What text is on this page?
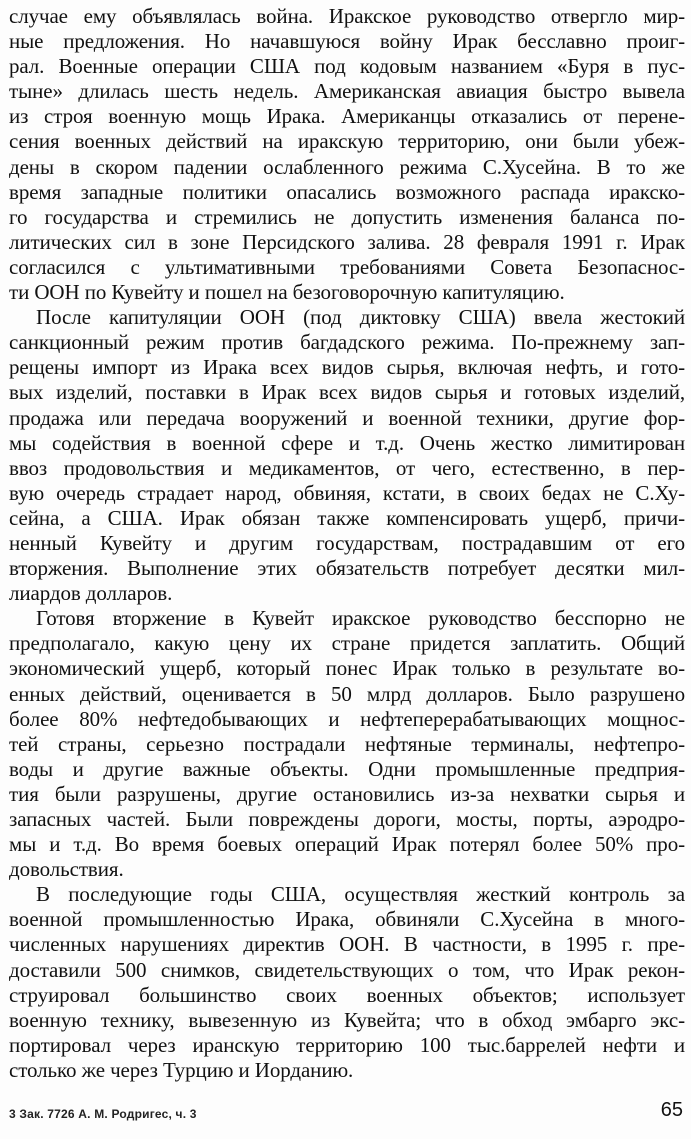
случае ему объявлялась война. Иракское руководство отвергло мир-
ные предложения. Но начавшуюся войну Ирак бесславно проиг-
рал. Военные операции США под кодовым названием «Буря в пус-
тыне» длилась шесть недель. Американская авиация быстро вывела
из строя военную мощь Ирака. Американцы отказались от перене-
сения военных действий на иракскую территорию, они были убеж-
дены в скором падении ослабленного режима С.Хусейна. В то же
время западные политики опасались возможного распада иракско-
го государства и стремились не допустить изменения баланса по-
литических сил в зоне Персидского залива. 28 февраля 1991 г. Ирак
согласился с ультимативными требованиями Совета Безопаснос-
ти ООН по Кувейту и пошел на безоговорочную капитуляцию.
После капитуляции ООН (под диктовку США) ввела жестокий
санкционный режим против багдадского режима. По-прежнему зап-
рещены импорт из Ирака всех видов сырья, включая нефть, и гото-
вых изделий, поставки в Ирак всех видов сырья и готовых изделий,
продажа или передача вооружений и военной техники, другие фор-
мы содействия в военной сфере и т.д. Очень жестко лимитирован
ввоз продовольствия и медикаментов, от чего, естественно, в пер-
вую очередь страдает народ, обвиняя, кстати, в своих бедах не С.Ху-
сейна, а США. Ирак обязан также компенсировать ущерб, причи-
ненный Кувейту и другим государствам, пострадавшим от его
вторжения. Выполнение этих обязательств потребует десятки мил-
лиардов долларов.
Готовя вторжение в Кувейт иракское руководство бесспорно не
предполагало, какую цену их стране придется заплатить. Общий
экономический ущерб, который понес Ирак только в результате во-
енных действий, оценивается в 50 млрд долларов. Было разрушено
более 80% нефтедобывающих и нефтеперерабатывающих мощнос-
тей страны, серьезно пострадали нефтяные терминалы, нефтепро-
воды и другие важные объекты. Одни промышленные предприя-
тия были разрушены, другие остановились из-за нехватки сырья и
запасных частей. Были повреждены дороги, мосты, порты, аэродро-
мы и т.д. Во время боевых операций Ирак потерял более 50% про-
довольствия.
В последующие годы США, осуществляя жесткий контроль за
военной промышленностью Ирака, обвиняли С.Хусейна в много-
численных нарушениях директив ООН. В частности, в 1995 г. пре-
доставили 500 снимков, свидетельствующих о том, что Ирак рекон-
струировал большинство своих военных объектов; использует
военную технику, вывезенную из Кувейта; что в обход эмбарго экс-
портировал через иранскую территорию 100 тыс.баррелей нефти и
столько же через Турцию и Иорданию.
3 Зак. 7726 А. М. Родригес, ч. 3	65
